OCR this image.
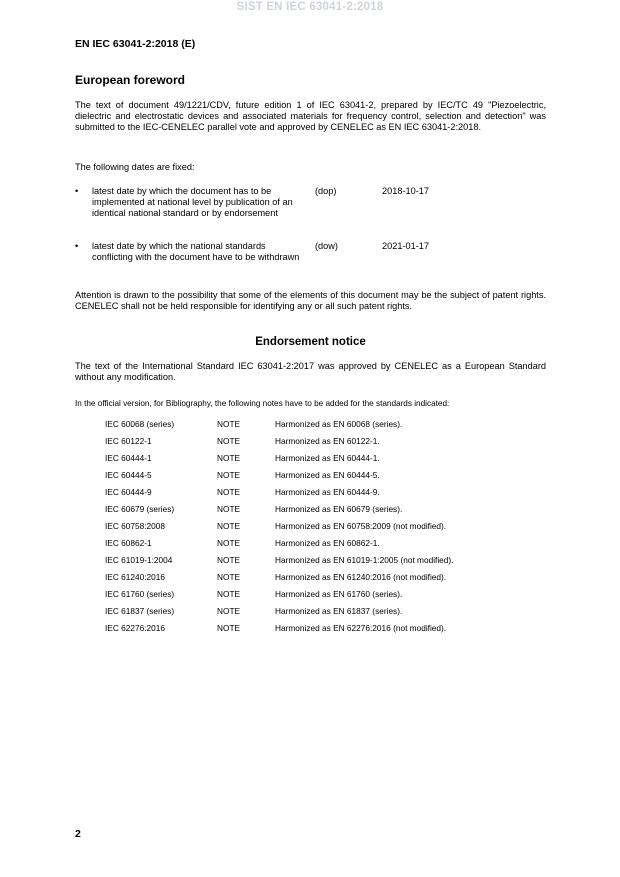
SIST EN IEC 63041-2:2018
EN IEC 63041-2:2018 (E)
European foreword

The text of document 49/1221/CDV, future edition 1 of IEC 63041-2, prepared by IEC/TC 49 "Piezoelectric, dielectric and electrostatic devices and associated materials for frequency control, selection and detection" was submitted to the IEC-CENELEC parallel vote and approved by CENELEC as EN IEC 63041-2:2018.

The following dates are fixed:

• latest date by which the document has to be implemented at national level by publication of an identical national standard or by endorsement
(dop)	2018-10-17
• latest date by which the national standards conflicting with the document have to be withdrawn
(dow)	2021-01-17

Attention is drawn to the possibility that some of the elements of this document may be the subject of patent rights. CENELEC shall not be held responsible for identifying any or all such patent rights.

Endorsement notice

The text of the International Standard IEC 63041-2:2017 was approved by CENELEC as a European Standard without any modification.

In the official version, for Bibliography, the following notes have to be added for the standards indicated:

IEC 60068 (series)	NOTE	Harmonized as EN 60068 (series).
IEC 60122-1	NOTE	Harmonized as EN 60122-1.
IEC 60444-1	NOTE	Harmonized as EN 60444-1.
IEC 60444-5	NOTE	Harmonized as EN 60444-5.
IEC 60444-9	NOTE	Harmonized as EN 60444-9.
IEC 60679 (series)	NOTE	Harmonized as EN 60679 (series).
IEC 60758:2008	NOTE	Harmonized as EN 60758:2009 (not modified).
IEC 60862-1	NOTE	Harmonized as EN 60862-1.
IEC 61019-1:2004	NOTE	Harmonized as EN 61019-1:2005 (not modified).
IEC 61240:2016	NOTE	Harmonized as EN 61240:2016 (not modified).
IEC 61760 (series)	NOTE	Harmonized as EN 61760 (series).
IEC 61837 (series)	NOTE	Harmonized as EN 61837 (series).
IEC 62276:2016	NOTE	Harmonized as EN 62276:2016 (not modified).
2
